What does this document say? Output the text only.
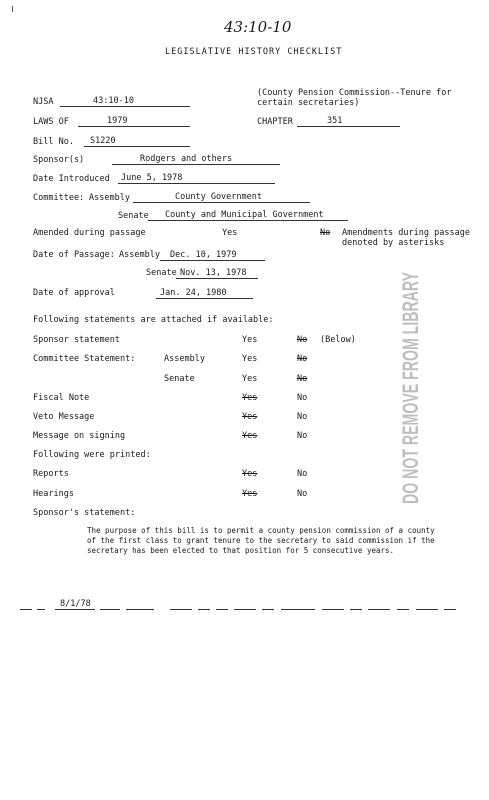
43:10-10
LEGISLATIVE HISTORY CHECKLIST
(County Pension Commission--Tenure for
certain secretaries)
NJSA	43:10-10
LAWS OF	1979	CHAPTER	351
Bill No. S1220
Sponsor(s)	Rodgers and others
Date Introduced June 5, 1978
Committee: Assembly	County Government
Senate County and Municipal Government
Amended during passage	Yes	No Amendments during passage
denoted by asterisks
Date of Passage: Assembly Dec. 10, 1979
Senate Nov. 13, 1978
Date of approval	Jan. 24, 1980
Following statements are attached if available:
Sponsor statement	Yes	No (Below)
Committee Statement:	Assembly	Yes	No
Senate	Yes	No
Fiscal Note	Yes	No
Veto Message	Yes	No
Message on signing	Yes	No
Following were printed:
Reports	Yes	No
Hearings	Yes	No
Sponsor's statement:
The purpose of this bill is to permit a county pension commission of a county
of the first class to grant tenure to the secretary to said commission if the
secretary has been elected to that position for 5 consecutive years.
DO NOT REMOVE FROM LIBRARY
8/1/78
